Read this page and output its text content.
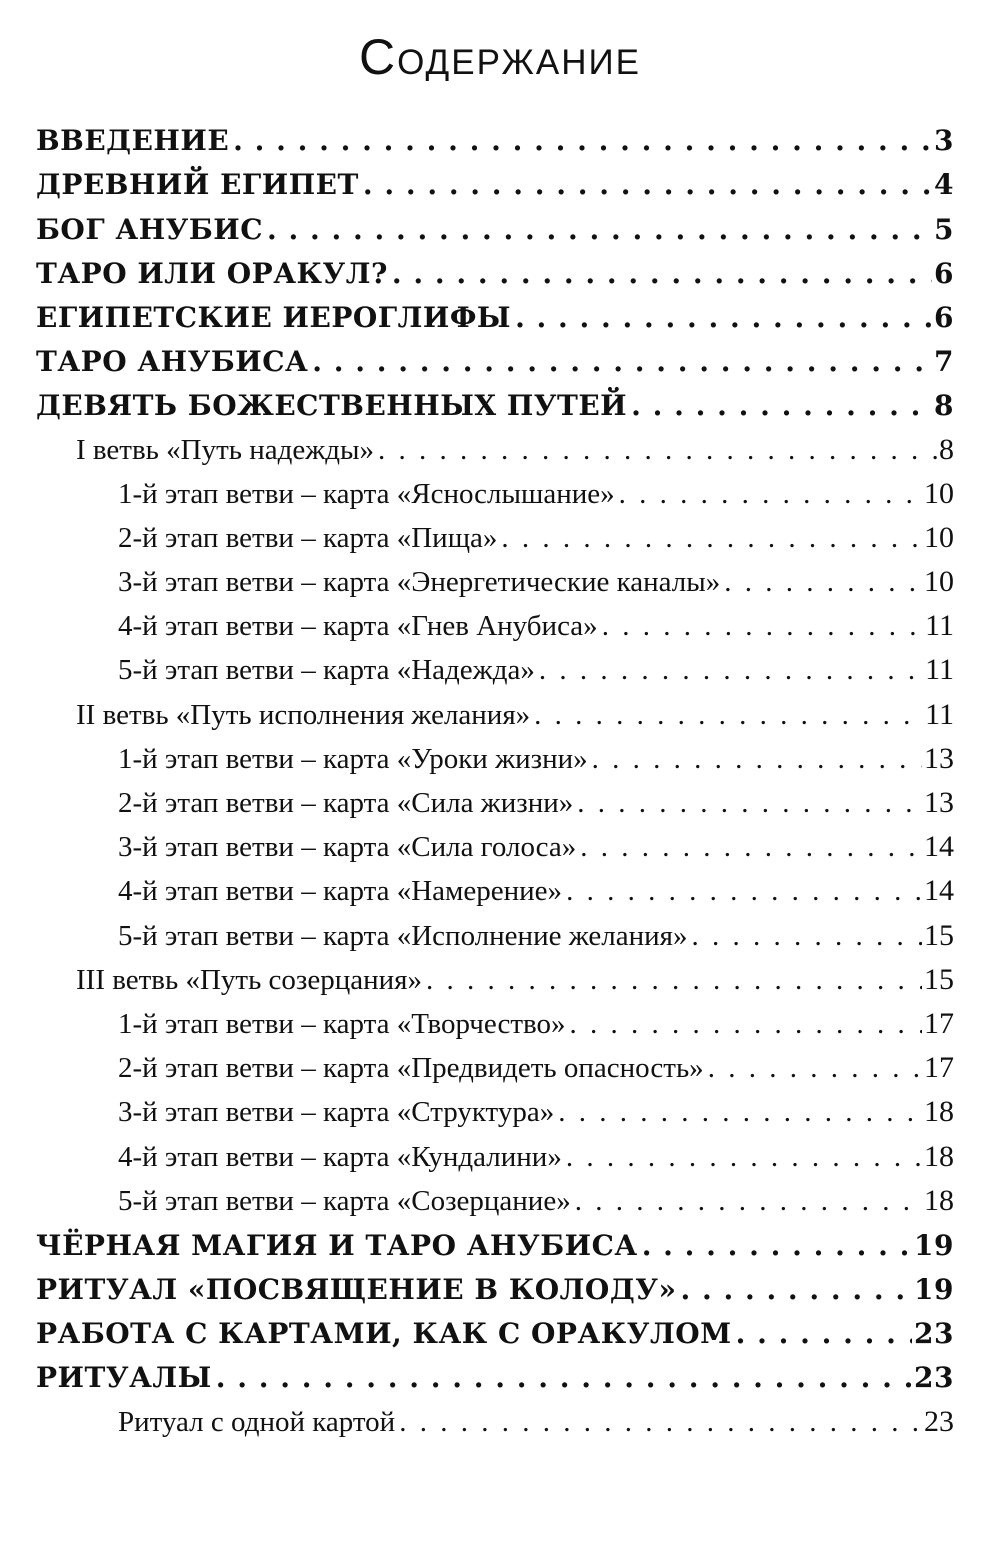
Содержание
ВВЕДЕНИЕ . . .	3
ДРЕВНИЙ ЕГИПЕТ . . .	4
БОГ АНУБИС . . .	5
ТАРО ИЛИ ОРАКУЛ? . . .	6
ЕГИПЕТСКИЕ ИЕРОГЛИФЫ . . .	6
ТАРО АНУБИСА . . .	7
ДЕВЯТЬ БОЖЕСТВЕННЫХ ПУТЕЙ . . .	8
I ветвь «Путь надежды» . . .	8
1-й этап ветви – карта «Яснослышание» . . .	10
2-й этап ветви – карта «Пища» . . .	10
3-й этап ветви – карта «Энергетические каналы» . . .	10
4-й этап ветви – карта «Гнев Анубиса» . . .	11
5-й этап ветви – карта «Надежда» . . .	11
II ветвь «Путь исполнения желания» . . .	11
1-й этап ветви – карта «Уроки жизни» . . .	13
2-й этап ветви – карта «Сила жизни» . . .	13
3-й этап ветви – карта «Сила голоса» . . .	14
4-й этап ветви – карта «Намерение» . . .	14
5-й этап ветви – карта «Исполнение желания» . . .	15
III ветвь «Путь созерцания» . . .	15
1-й этап ветви – карта «Творчество» . . .	17
2-й этап ветви – карта «Предвидеть опасность» . . .	17
3-й этап ветви – карта «Структура» . . .	18
4-й этап ветви – карта «Кундалини» . . .	18
5-й этап ветви – карта «Созерцание» . . .	18
ЧЁРНАЯ МАГИЯ И ТАРО АНУБИСА . . .	19
РИТУАЛ «ПОСВЯЩЕНИЕ В КОЛОДУ» . . .	19
РАБОТА С КАРТАМИ, КАК С ОРАКУЛОМ . . .	23
РИТУАЛЫ . . .	23
Ритуал с одной картой . . .	23
